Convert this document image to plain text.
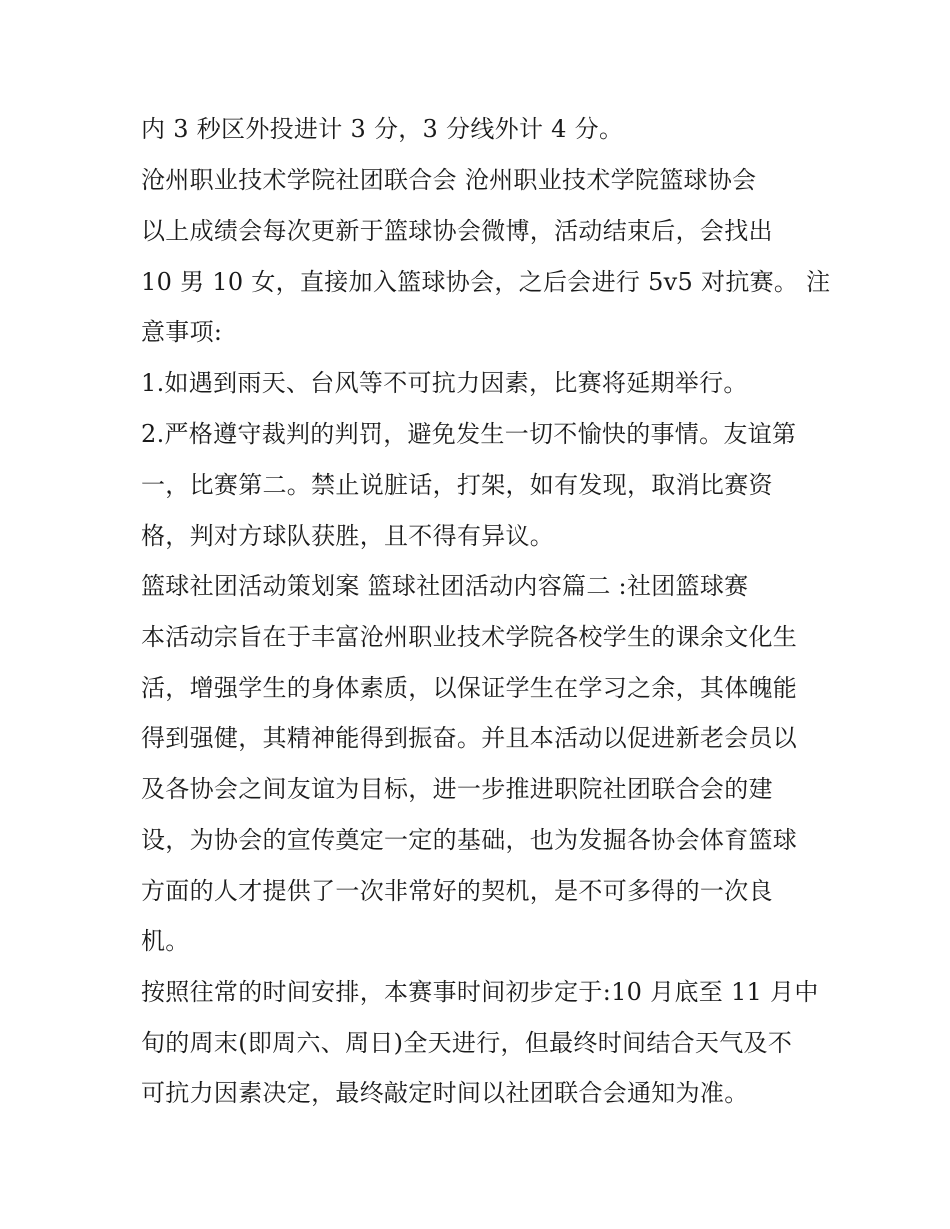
内 3 秒区外投进计 3 分，3 分线外计 4 分。
沧州职业技术学院社团联合会 沧州职业技术学院篮球协会
以上成绩会每次更新于篮球协会微博，活动结束后，会找出
10 男 10 女，直接加入篮球协会，之后会进行 5v5 对抗赛。 注
意事项:
1.如遇到雨天、台风等不可抗力因素，比赛将延期举行。
2.严格遵守裁判的判罚，避免发生一切不愉快的事情。友谊第
一，比赛第二。禁止说脏话，打架，如有发现，取消比赛资
格，判对方球队获胜，且不得有异议。
篮球社团活动策划案 篮球社团活动内容篇二 :社团篮球赛
本活动宗旨在于丰富沧州职业技术学院各校学生的课余文化生
活，增强学生的身体素质，以保证学生在学习之余，其体魄能
得到强健，其精神能得到振奋。并且本活动以促进新老会员以
及各协会之间友谊为目标，进一步推进职院社团联合会的建
设，为协会的宣传奠定一定的基础，也为发掘各协会体育篮球
方面的人才提供了一次非常好的契机，是不可多得的一次良
机。
按照往常的时间安排，本赛事时间初步定于:10 月底至 11 月中
旬的周末(即周六、周日)全天进行，但最终时间结合天气及不
可抗力因素决定，最终敲定时间以社团联合会通知为准。
